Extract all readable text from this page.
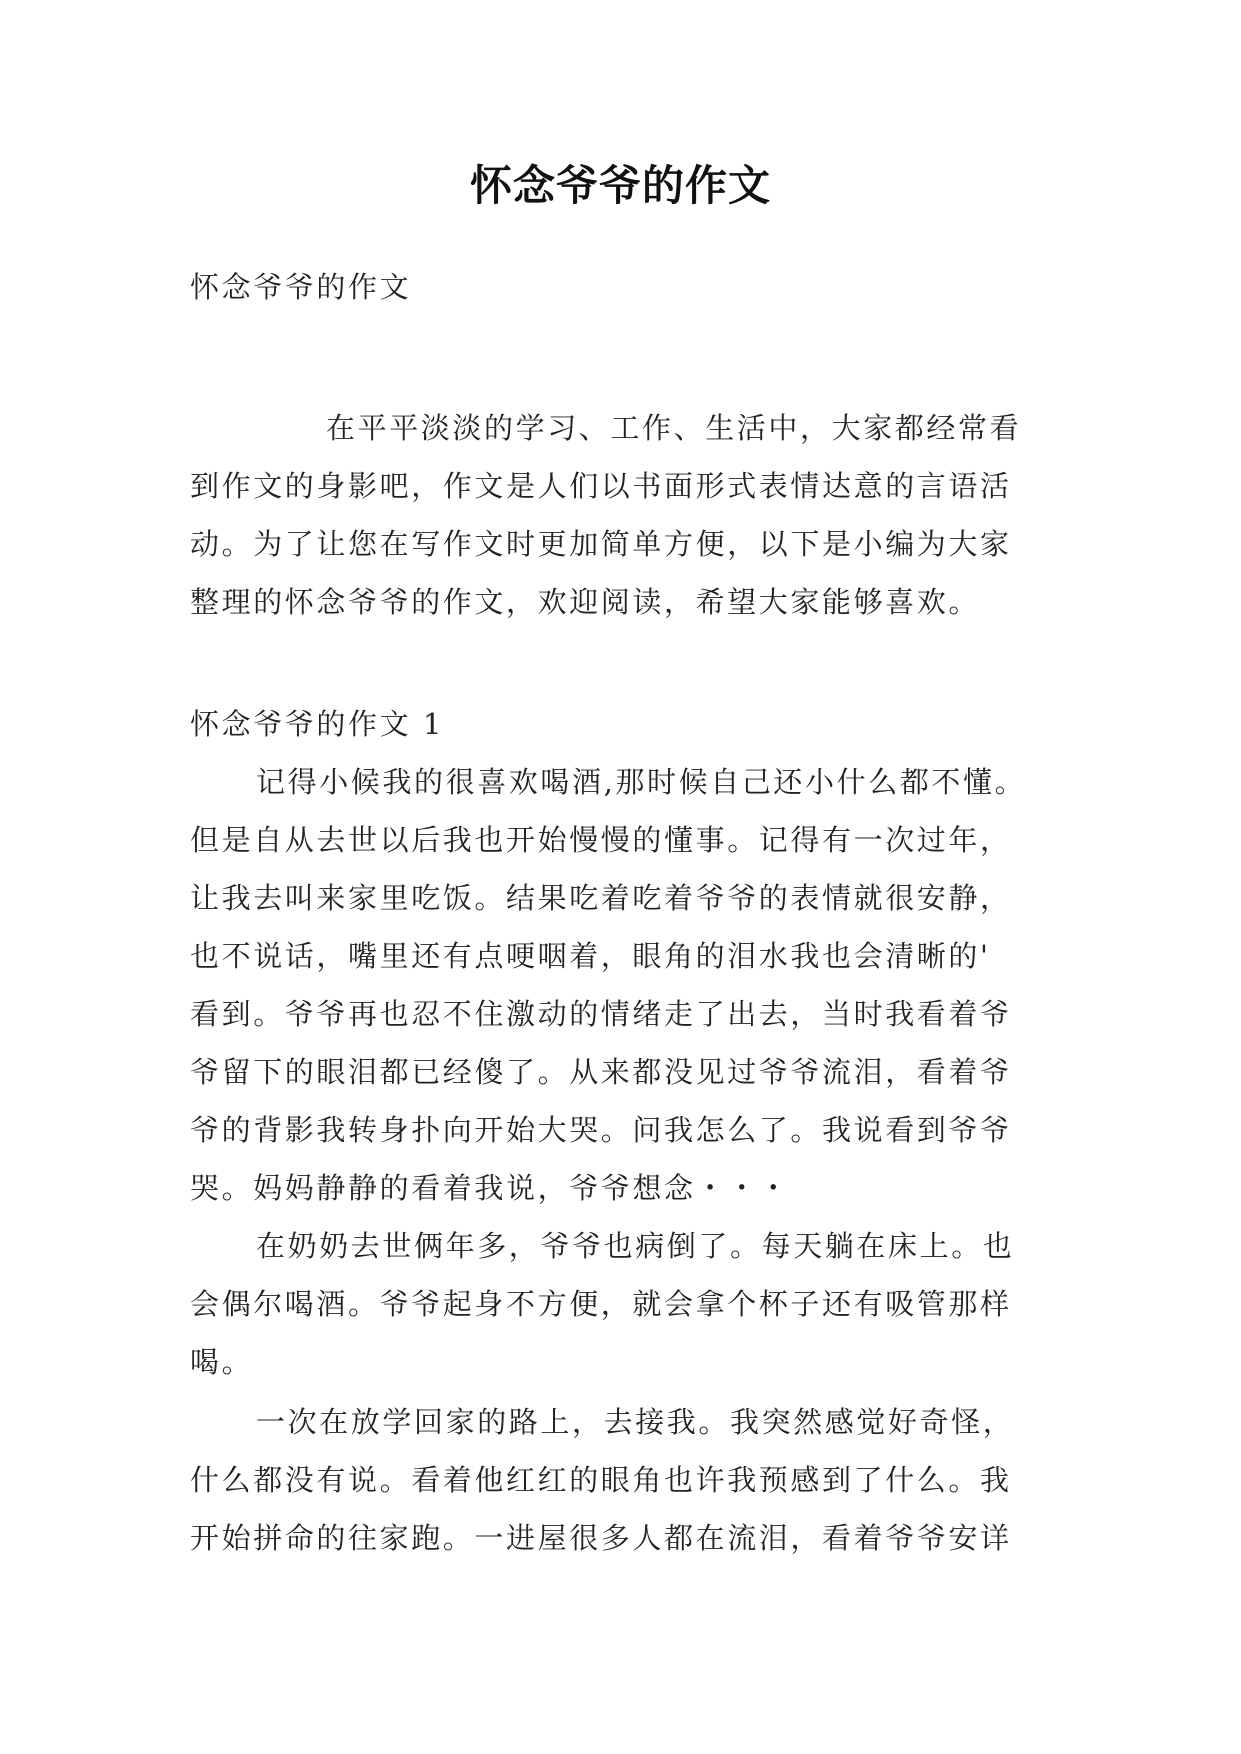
怀念爷爷的作文
怀念爷爷的作文
在平平淡淡的学习、工作、生活中，大家都经常看
到作文的身影吧，作文是人们以书面形式表情达意的言语活
动。为了让您在写作文时更加简单方便，以下是小编为大家
整理的怀念爷爷的作文，欢迎阅读，希望大家能够喜欢。
怀念爷爷的作文 1
记得小候我的很喜欢喝酒,那时候自己还小什么都不懂。
但是自从去世以后我也开始慢慢的懂事。记得有一次过年，
让我去叫来家里吃饭。结果吃着吃着爷爷的表情就很安静，
也不说话，嘴里还有点哽咽着，眼角的泪水我也会清晰的'
看到。爷爷再也忍不住激动的情绪走了出去，当时我看着爷
爷留下的眼泪都已经傻了。从来都没见过爷爷流泪，看着爷
爷的背影我转身扑向开始大哭。问我怎么了。我说看到爷爷
哭。妈妈静静的看着我说，爷爷想念・・・
在奶奶去世俩年多，爷爷也病倒了。每天躺在床上。也
会偶尔喝酒。爷爷起身不方便，就会拿个杯子还有吸管那样
喝。
一次在放学回家的路上，去接我。我突然感觉好奇怪，
什么都没有说。看着他红红的眼角也许我预感到了什么。我
开始拼命的往家跑。一进屋很多人都在流泪，看着爷爷安详
